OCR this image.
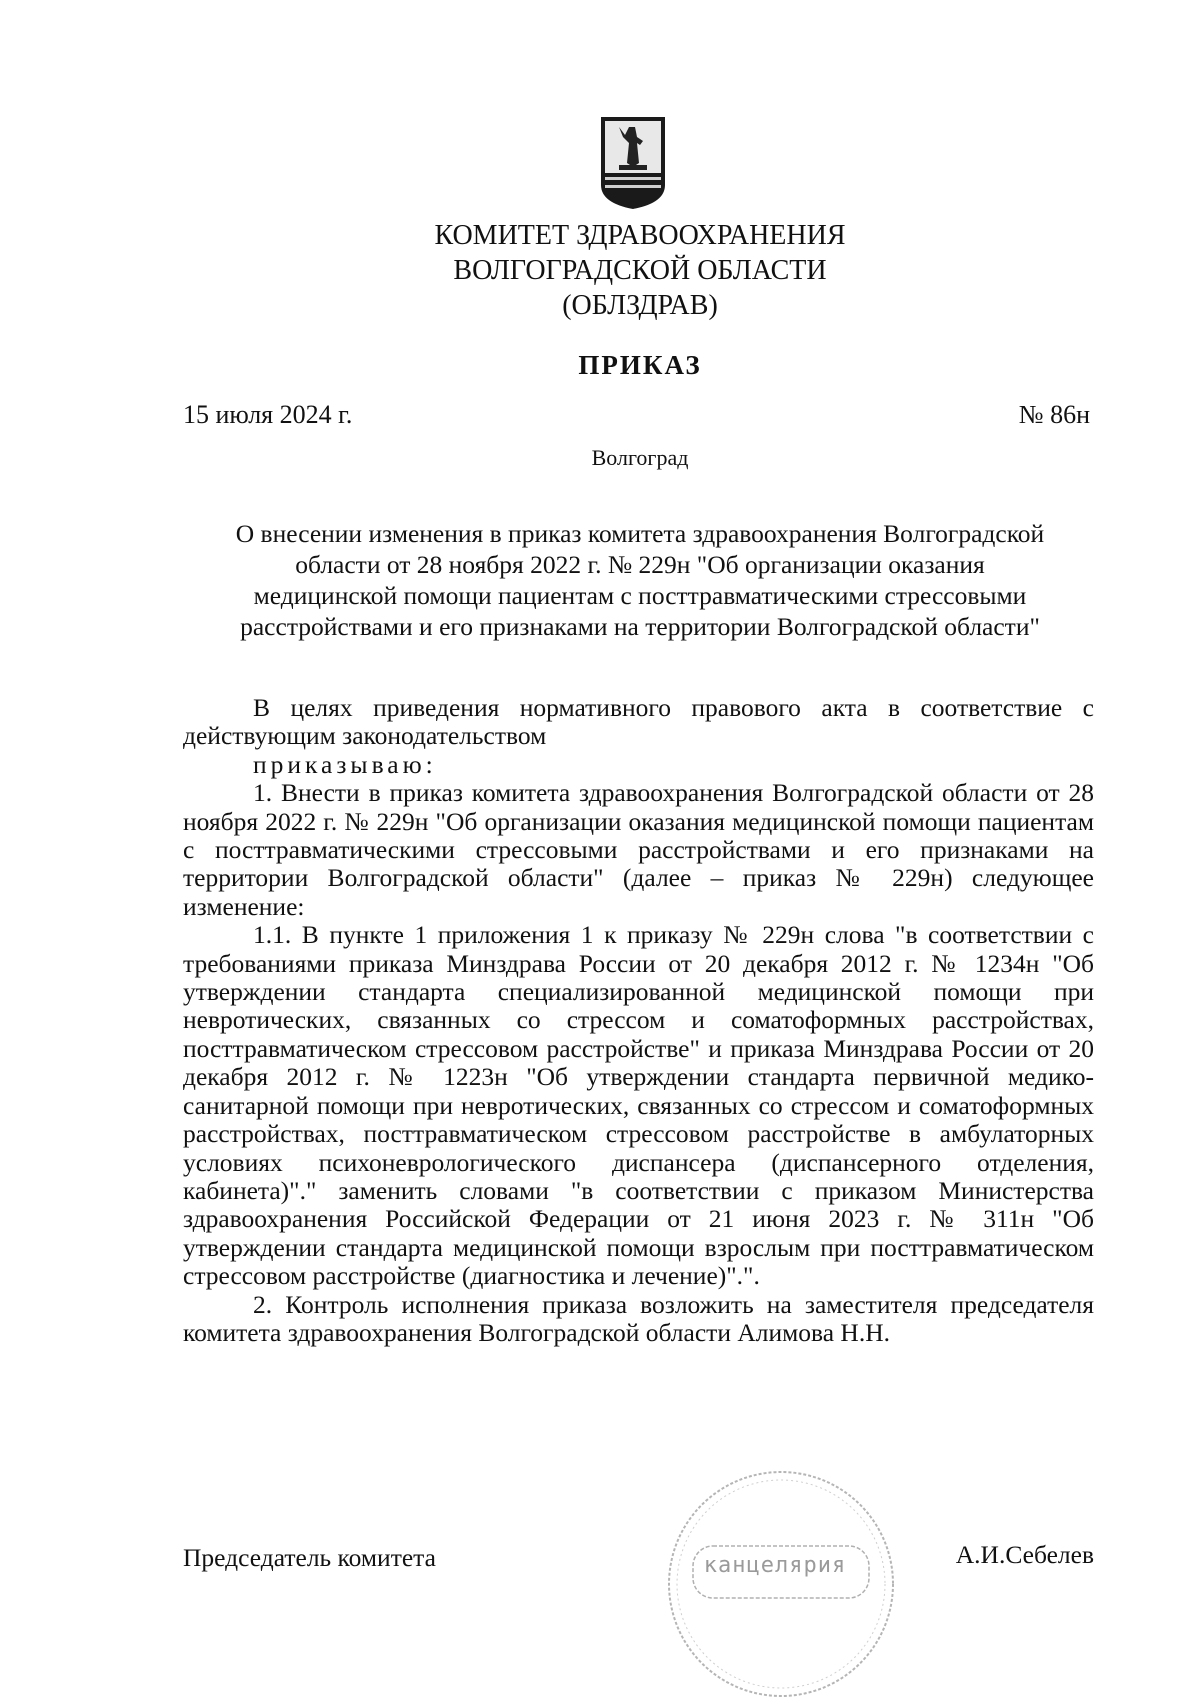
КОМИТЕТ ЗДРАВООХРАНЕНИЯ
ВОЛГОГРАДСКОЙ ОБЛАСТИ
(ОБЛЗДРАВ)
ПРИКАЗ
15 июля 2024 г.	№ 86н
Волгоград
О внесении изменения в приказ комитета здравоохранения Волгоградской
области от 28 ноября 2022 г. № 229н "Об организации оказания
медицинской помощи пациентам с посттравматическими стрессовыми
расстройствами и его признаками на территории Волгоградской области"

В целях приведения нормативного правового акта в соответствие с действующим законодательством

приказываю:

1. Внести в приказ комитета здравоохранения Волгоградской области от 28 ноября 2022 г. № 229н "Об организации оказания медицинской помощи пациентам с посттравматическими стрессовыми расстройствами и его признаками на территории Волгоградской области" (далее – приказ № 229н) следующее изменение:

1.1. В пункте 1 приложения 1 к приказу № 229н слова "в соответствии с требованиями приказа Минздрава России от 20 декабря 2012 г. № 1234н "Об утверждении стандарта специализированной медицинской помощи при невротических, связанных со стрессом и соматоформных расстройствах, посттравматическом стрессовом расстройстве" и приказа Минздрава России от 20 декабря 2012 г. № 1223н "Об утверждении стандарта первичной медико-санитарной помощи при невротических, связанных со стрессом и соматоформных расстройствах, посттравматическом стрессовом расстройстве в амбулаторных условиях психоневрологического диспансера (диспансерного отделения, кабинета)"." заменить словами "в соответствии с приказом Министерства здравоохранения Российской Федерации от 21 июня 2023 г. № 311н "Об утверждении стандарта медицинской помощи взрослым при посттравматическом стрессовом расстройстве (диагностика и лечение)".".

2. Контроль исполнения приказа возложить на заместителя председателя комитета здравоохранения Волгоградской области Алимова Н.Н.

канцелярия
Председатель комитета	А.И.Себелев
